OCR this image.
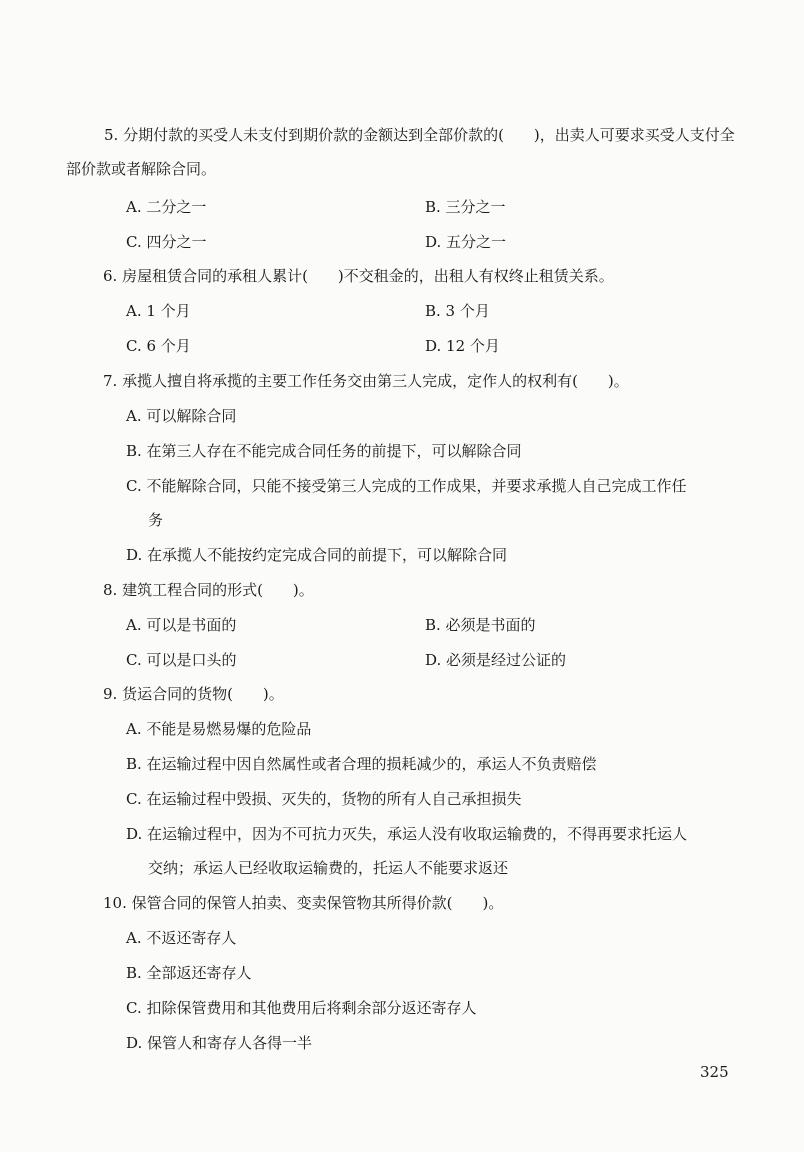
5. 分期付款的买受人未支付到期价款的金额达到全部价款的(　　)，出卖人可要求买受人支付全部价款或者解除合同。
A. 二分之一	B. 三分之一
C. 四分之一	D. 五分之一
6. 房屋租赁合同的承租人累计(　　)不交租金的，出租人有权终止租赁关系。
A. 1 个月	B. 3 个月
C. 6 个月	D. 12 个月
7. 承揽人擅自将承揽的主要工作任务交由第三人完成，定作人的权利有(　　)。
A. 可以解除合同
B. 在第三人存在不能完成合同任务的前提下，可以解除合同
C. 不能解除合同，只能不接受第三人完成的工作成果，并要求承揽人自己完成工作任
务
D. 在承揽人不能按约定完成合同的前提下，可以解除合同
8. 建筑工程合同的形式(　　)。
A. 可以是书面的	B. 必须是书面的
C. 可以是口头的	D. 必须是经过公证的
9. 货运合同的货物(　　)。
A. 不能是易燃易爆的危险品
B. 在运输过程中因自然属性或者合理的损耗减少的，承运人不负责赔偿
C. 在运输过程中毁损、灭失的，货物的所有人自己承担损失
D. 在运输过程中，因为不可抗力灭失，承运人没有收取运输费的，不得再要求托运人
交纳；承运人已经收取运输费的，托运人不能要求返还
10. 保管合同的保管人拍卖、变卖保管物其所得价款(　　)。
A. 不返还寄存人
B. 全部返还寄存人
C. 扣除保管费用和其他费用后将剩余部分返还寄存人
D. 保管人和寄存人各得一半
325
